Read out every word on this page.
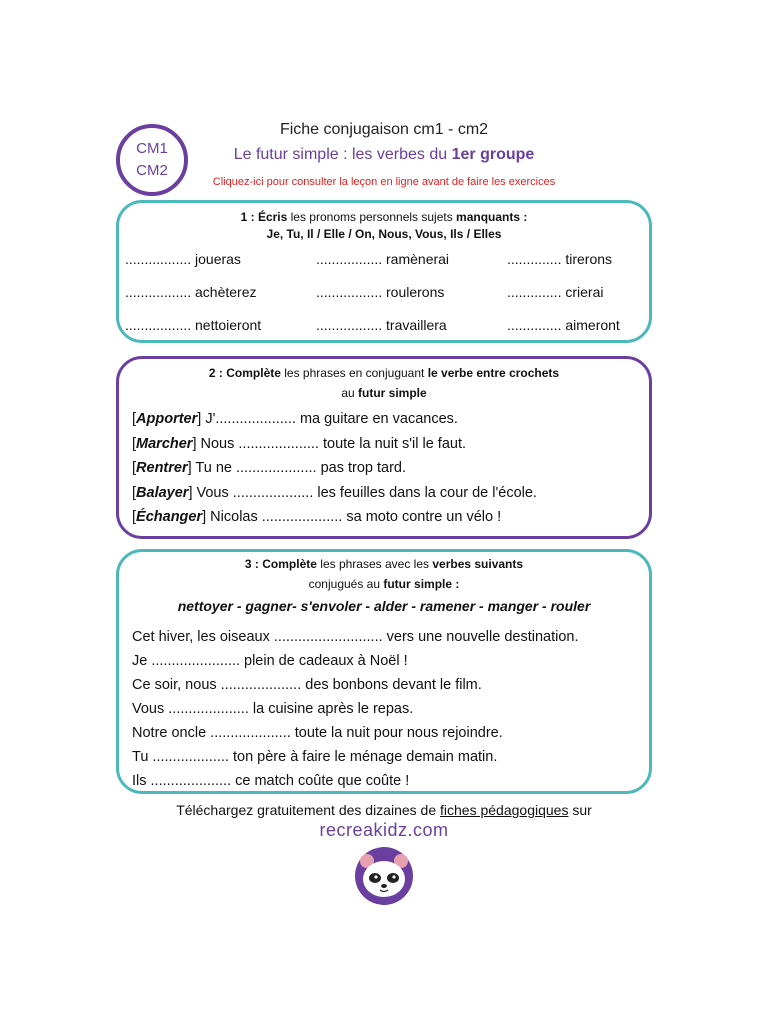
CM1
CM2
Fiche conjugaison cm1 - cm2
Le futur simple : les verbes du 1er groupe
Cliquez-ici pour consulter la leçon en ligne avant de faire les exercices
1 : Écris les pronoms personnels sujets manquants :
Je, Tu, Il / Elle / On, Nous, Vous, Ils / Elles
................. joueras	................. ramènerai	.............. tirerons
................. achèterez	................. roulerons	.............. crierai
................. nettoieront	................. travaillera	.............. aimeront
2 : Complète les phrases en conjuguant le verbe entre crochets
au futur simple
[Apporter] J'.................... ma guitare en vacances.
[Marcher] Nous .................... toute la nuit s'il le faut.
[Rentrer] Tu ne .................... pas trop tard.
[Balayer] Vous .................... les feuilles dans la cour de l'école.
[Échanger] Nicolas .................... sa moto contre un vélo !
3 : Complète les phrases avec les verbes suivants
conjugués au futur simple :
nettoyer - gagner- s'envoler - alder - ramener - manger - rouler
Cet hiver, les oiseaux ........................... vers une nouvelle destination.
Je ...................... plein de cadeaux à Noël !
Ce soir, nous .................... des bonbons devant le film.
Vous .................... la cuisine après le repas.
Notre oncle .................... toute la nuit pour nous rejoindre.
Tu ................... ton père à faire le ménage demain matin.
Ils .................... ce match coûte que coûte !
Téléchargez gratuitement des dizaines de fiches pédagogiques sur
recreakidz.com
